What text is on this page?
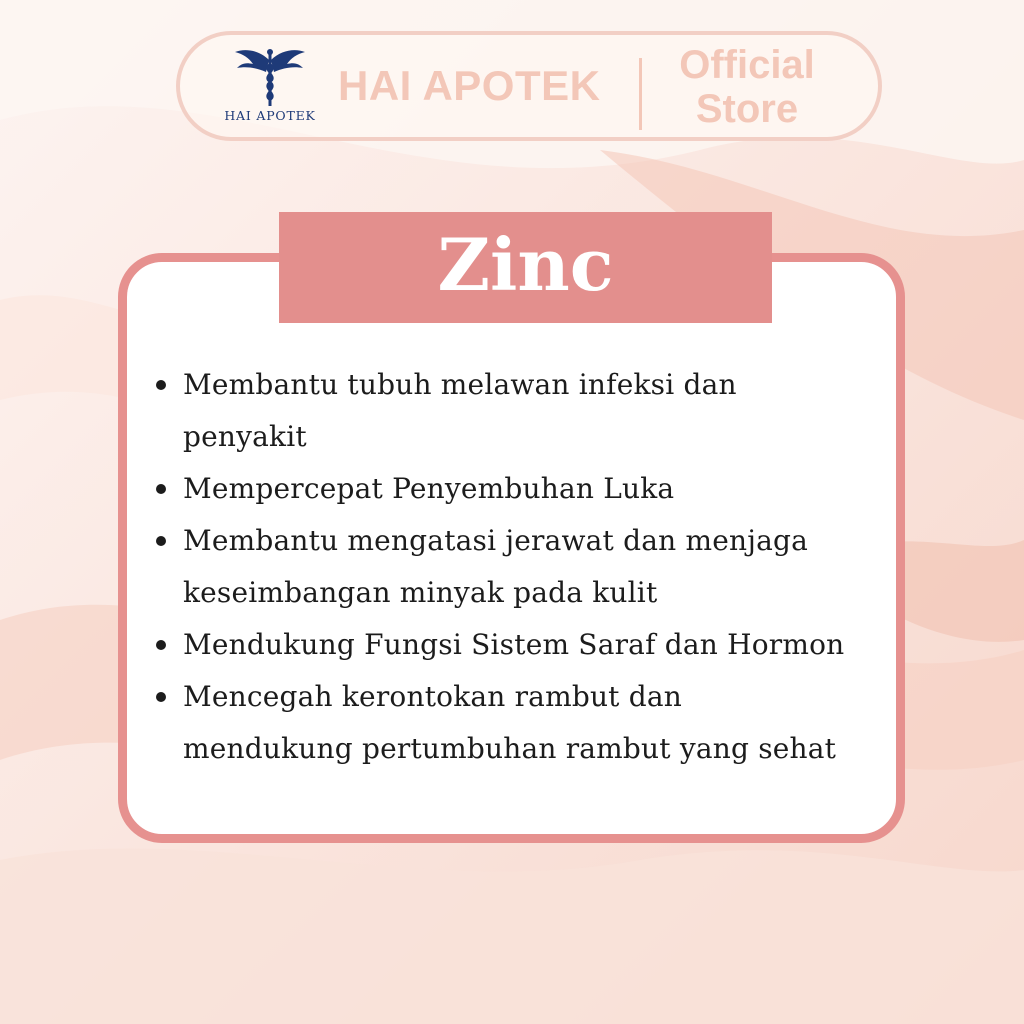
HAI APOTEK
HAI APOTEK	Official
Store
Zinc
Membantu tubuh melawan infeksi dan
penyakit
Mempercepat Penyembuhan Luka
Membantu mengatasi jerawat dan menjaga
keseimbangan minyak pada kulit
Mendukung Fungsi Sistem Saraf dan Hormon
Mencegah kerontokan rambut dan
mendukung pertumbuhan rambut yang sehat
